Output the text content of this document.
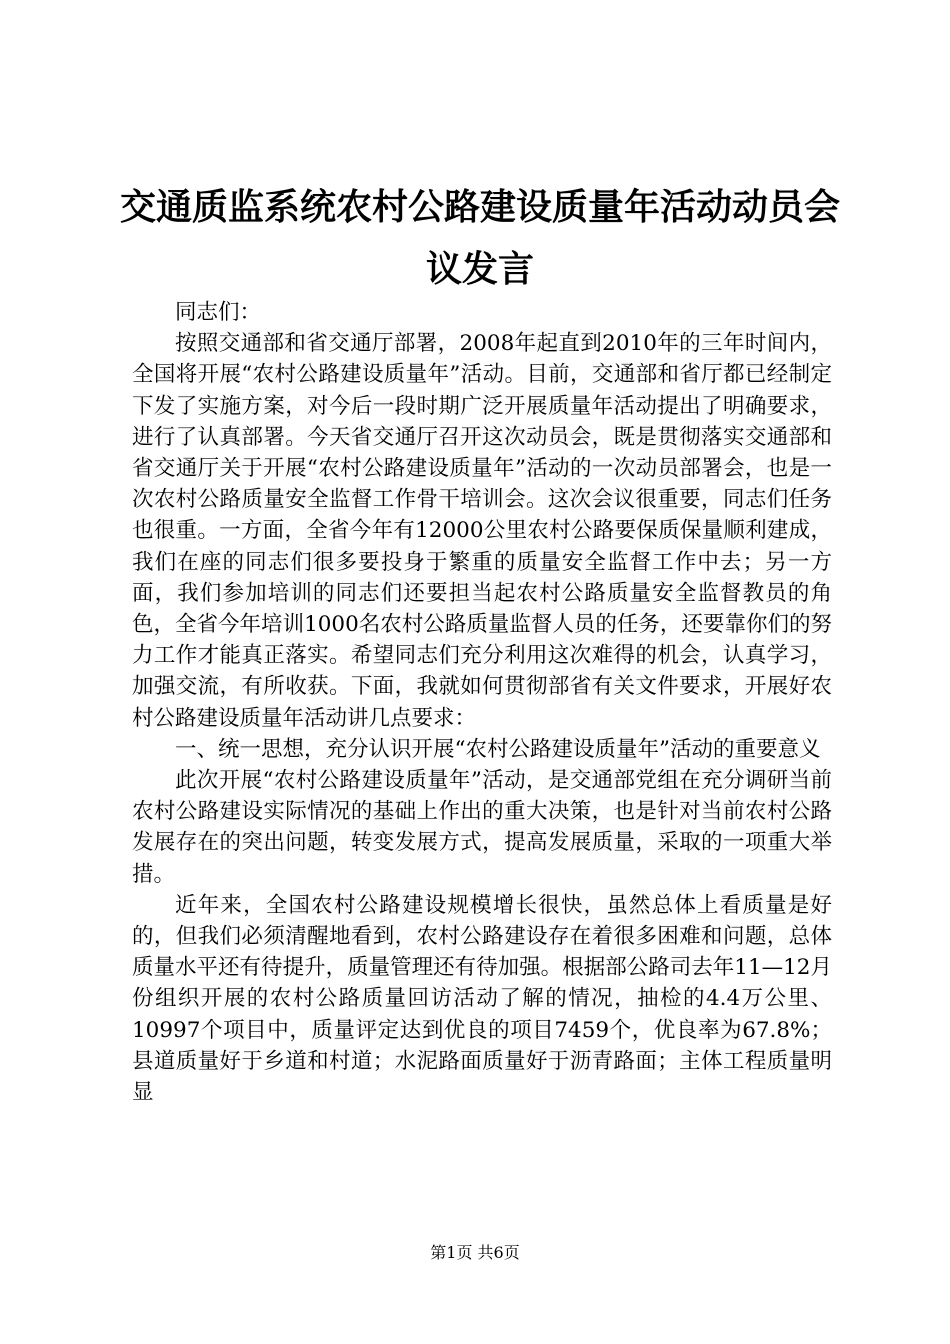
交通质监系统农村公路建设质量年活动动员会议发言

同志们：

按照交通部和省交通厅部署，2008年起直到2010年的三年时间内，全国将开展“农村公路建设质量年”活动。目前，交通部和省厅都已经制定下发了实施方案，对今后一段时期广泛开展质量年活动提出了明确要求，进行了认真部署。今天省交通厅召开这次动员会，既是贯彻落实交通部和省交通厅关于开展“农村公路建设质量年”活动的一次动员部署会，也是一次农村公路质量安全监督工作骨干培训会。这次会议很重要，同志们任务也很重。一方面，全省今年有12000公里农村公路要保质保量顺利建成，我们在座的同志们很多要投身于繁重的质量安全监督工作中去；另一方面，我们参加培训的同志们还要担当起农村公路质量安全监督教员的角色，全省今年培训1000名农村公路质量监督人员的任务，还要靠你们的努力工作才能真正落实。希望同志们充分利用这次难得的机会，认真学习，加强交流，有所收获。下面，我就如何贯彻部省有关文件要求，开展好农村公路建设质量年活动讲几点要求：

一、统一思想，充分认识开展“农村公路建设质量年”活动的重要意义

此次开展“农村公路建设质量年”活动，是交通部党组在充分调研当前农村公路建设实际情况的基础上作出的重大决策，也是针对当前农村公路发展存在的突出问题，转变发展方式，提高发展质量，采取的一项重大举措。

近年来，全国农村公路建设规模增长很快，虽然总体上看质量是好的，但我们必须清醒地看到，农村公路建设存在着很多困难和问题，总体质量水平还有待提升，质量管理还有待加强。根据部公路司去年11—12月份组织开展的农村公路质量回访活动了解的情况，抽检的4.4万公里、10997个项目中，质量评定达到优良的项目7459个，优良率为67.8%；县道质量好于乡道和村道；水泥路面质量好于沥青路面；主体工程质量明显

第1页 共6页
